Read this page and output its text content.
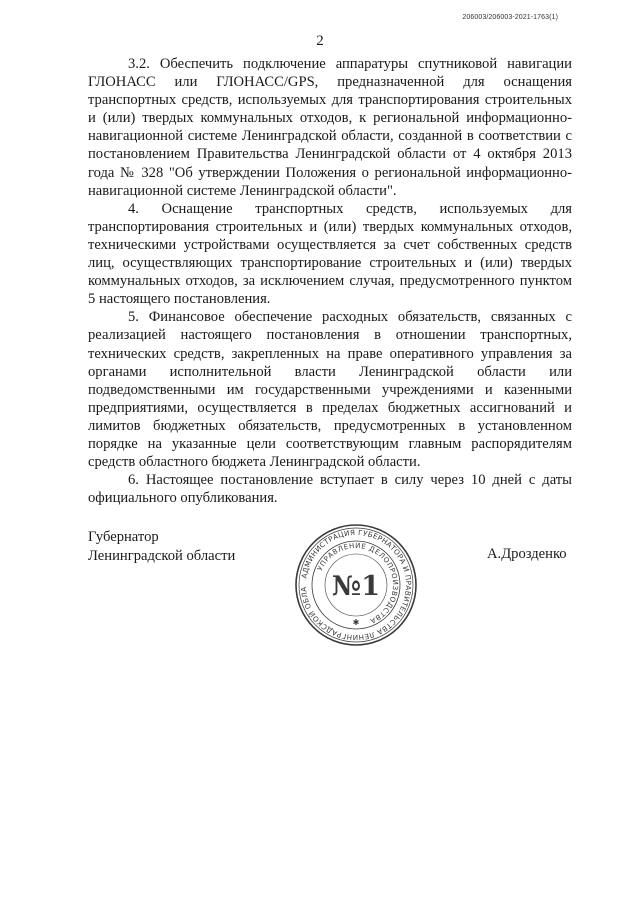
206003/206003-2021-1763(1)
2

3.2. Обеспечить подключение аппаратуры спутниковой навигации ГЛОНАСС или ГЛОНАСС/GPS, предназначенной для оснащения транспортных средств, используемых для транспортирования строительных и (или) твердых коммунальных отходов, к региональной информационно-навигационной системе Ленинградской области, созданной в соответствии с постановлением Правительства Ленинградской области от 4 октября 2013 года № 328 "Об утверждении Положения о региональной информационно-навигационной системе Ленинградской области".

4. Оснащение транспортных средств, используемых для транспортирования строительных и (или) твердых коммунальных отходов, техническими устройствами осуществляется за счет собственных средств лиц, осуществляющих транспортирование строительных и (или) твердых коммунальных отходов, за исключением случая, предусмотренного пунктом 5 настоящего постановления.

5. Финансовое обеспечение расходных обязательств, связанных с реализацией настоящего постановления в отношении транспортных, технических средств, закрепленных на праве оперативного управления за органами исполнительной власти Ленинградской области или подведомственными им государственными учреждениями и казенными предприятиями, осуществляется в пределах бюджетных ассигнований и лимитов бюджетных обязательств, предусмотренных в установленном порядке на указанные цели соответствующим главным распорядителям средств областного бюджета Ленинградской области.

6. Настоящее постановление вступает в силу через 10 дней с даты официального опубликования.

Губернатор
Ленинградской области
АДМИНИСТРАЦИЯ ГУБЕРНАТОРА И ПРАВИТЕЛЬСТВА ЛЕНИНГРАДСКОЙ ОБЛА
УПРАВЛЕНИЕ ДЕЛОПРОИЗВОДСТВА
№1
✱
А.Дрозденко
